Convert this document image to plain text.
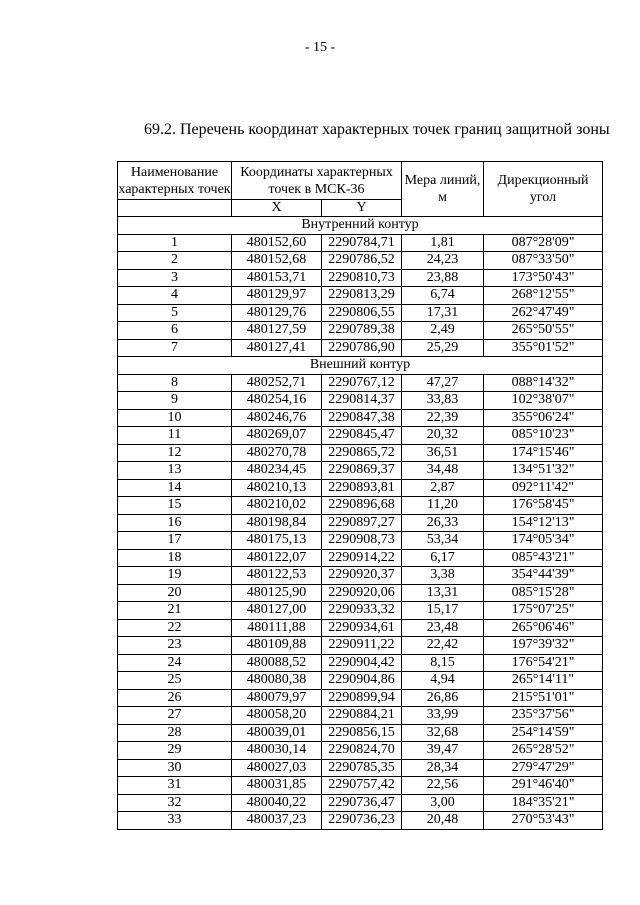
- 15 -
69.2. Перечень координат характерных точек границ защитной зоны
Наименование характерных точек	Координаты характерных точек в МСК-36		Мера линий, м	Дирекционный угол

	X	Y		
Внутренний контур				
1	480152,60	2290784,71	1,81	087°28'09"
2	480152,68	2290786,52	24,23	087°33'50"
3	480153,71	2290810,73	23,88	173°50'43"
4	480129,97	2290813,29	6,74	268°12'55"
5	480129,76	2290806,55	17,31	262°47'49"
6	480127,59	2290789,38	2,49	265°50'55"
7	480127,41	2290786,90	25,29	355°01'52"
Внешний контур				
8	480252,71	2290767,12	47,27	088°14'32"
9	480254,16	2290814,37	33,83	102°38'07"
10	480246,76	2290847,38	22,39	355°06'24"
11	480269,07	2290845,47	20,32	085°10'23"
12	480270,78	2290865,72	36,51	174°15'46"
13	480234,45	2290869,37	34,48	134°51'32"
14	480210,13	2290893,81	2,87	092°11'42"
15	480210,02	2290896,68	11,20	176°58'45"
16	480198,84	2290897,27	26,33	154°12'13"
17	480175,13	2290908,73	53,34	174°05'34"
18	480122,07	2290914,22	6,17	085°43'21"
19	480122,53	2290920,37	3,38	354°44'39"
20	480125,90	2290920,06	13,31	085°15'28"
21	480127,00	2290933,32	15,17	175°07'25"
22	480111,88	2290934,61	23,48	265°06'46"
23	480109,88	2290911,22	22,42	197°39'32"
24	480088,52	2290904,42	8,15	176°54'21"
25	480080,38	2290904,86	4,94	265°14'11"
26	480079,97	2290899,94	26,86	215°51'01"
27	480058,20	2290884,21	33,99	235°37'56"
28	480039,01	2290856,15	32,68	254°14'59"
29	480030,14	2290824,70	39,47	265°28'52"
30	480027,03	2290785,35	28,34	279°47'29"
31	480031,85	2290757,42	22,56	291°46'40"
32	480040,22	2290736,47	3,00	184°35'21"
33	480037,23	2290736,23	20,48	270°53'43"
